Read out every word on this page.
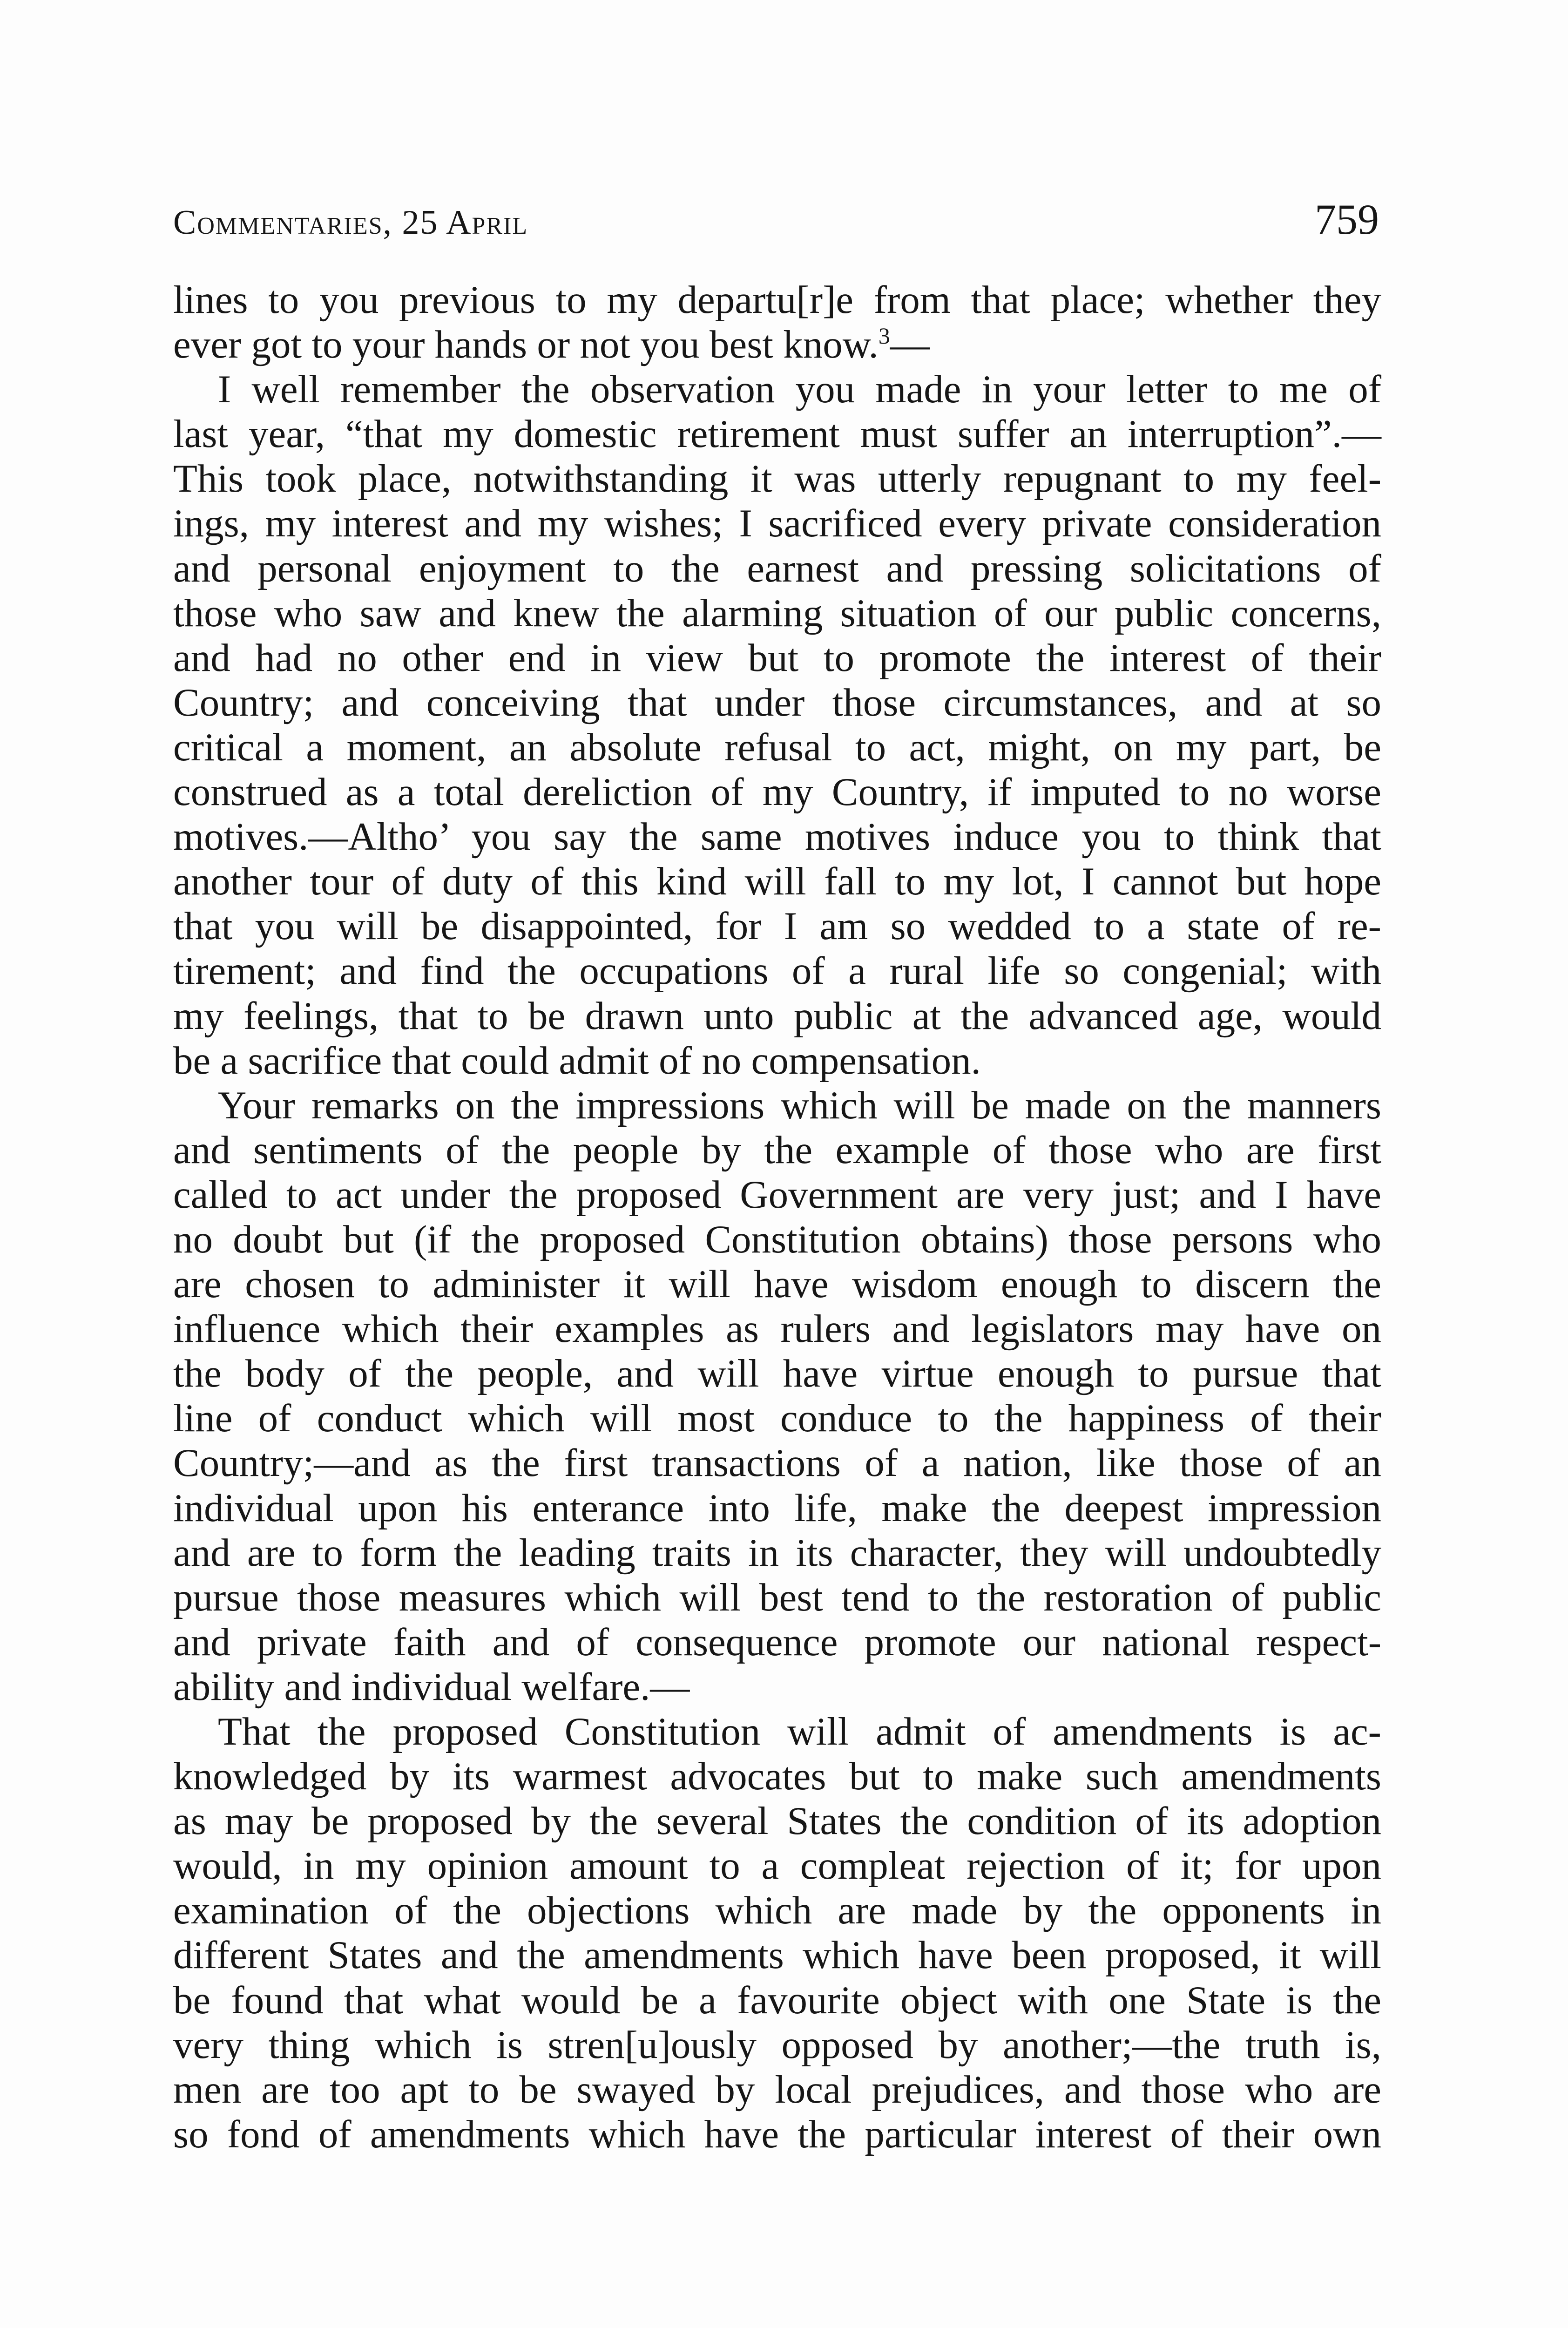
Commentaries, 25 April	759
lines to you previous to my departu[r]e from that place; whether they
ever got to your hands or not you best know.$^3$—
I well remember the observation you made in your letter to me of
last year, “that my domestic retirement must suffer an interruption”.—
This took place, notwithstanding it was utterly repugnant to my feel-
ings, my interest and my wishes; I sacrificed every private consideration
and personal enjoyment to the earnest and pressing solicitations of
those who saw and knew the alarming situation of our public concerns,
and had no other end in view but to promote the interest of their
Country; and conceiving that under those circumstances, and at so
critical a moment, an absolute refusal to act, might, on my part, be
construed as a total dereliction of my Country, if imputed to no worse
motives.—Altho’ you say the same motives induce you to think that
another tour of duty of this kind will fall to my lot, I cannot but hope
that you will be disappointed, for I am so wedded to a state of re-
tirement; and find the occupations of a rural life so congenial; with
my feelings, that to be drawn unto public at the advanced age, would
be a sacrifice that could admit of no compensation.
Your remarks on the impressions which will be made on the manners
and sentiments of the people by the example of those who are first
called to act under the proposed Government are very just; and I have
no doubt but (if the proposed Constitution obtains) those persons who
are chosen to administer it will have wisdom enough to discern the
influence which their examples as rulers and legislators may have on
the body of the people, and will have virtue enough to pursue that
line of conduct which will most conduce to the happiness of their
Country;—and as the first transactions of a nation, like those of an
individual upon his enterance into life, make the deepest impression
and are to form the leading traits in its character, they will undoubtedly
pursue those measures which will best tend to the restoration of public
and private faith and of consequence promote our national respect-
ability and individual welfare.—
That the proposed Constitution will admit of amendments is ac-
knowledged by its warmest advocates but to make such amendments
as may be proposed by the several States the condition of its adoption
would, in my opinion amount to a compleat rejection of it; for upon
examination of the objections which are made by the opponents in
different States and the amendments which have been proposed, it will
be found that what would be a favourite object with one State is the
very thing which is stren[u]ously opposed by another;—the truth is,
men are too apt to be swayed by local prejudices, and those who are
so fond of amendments which have the particular interest of their own
